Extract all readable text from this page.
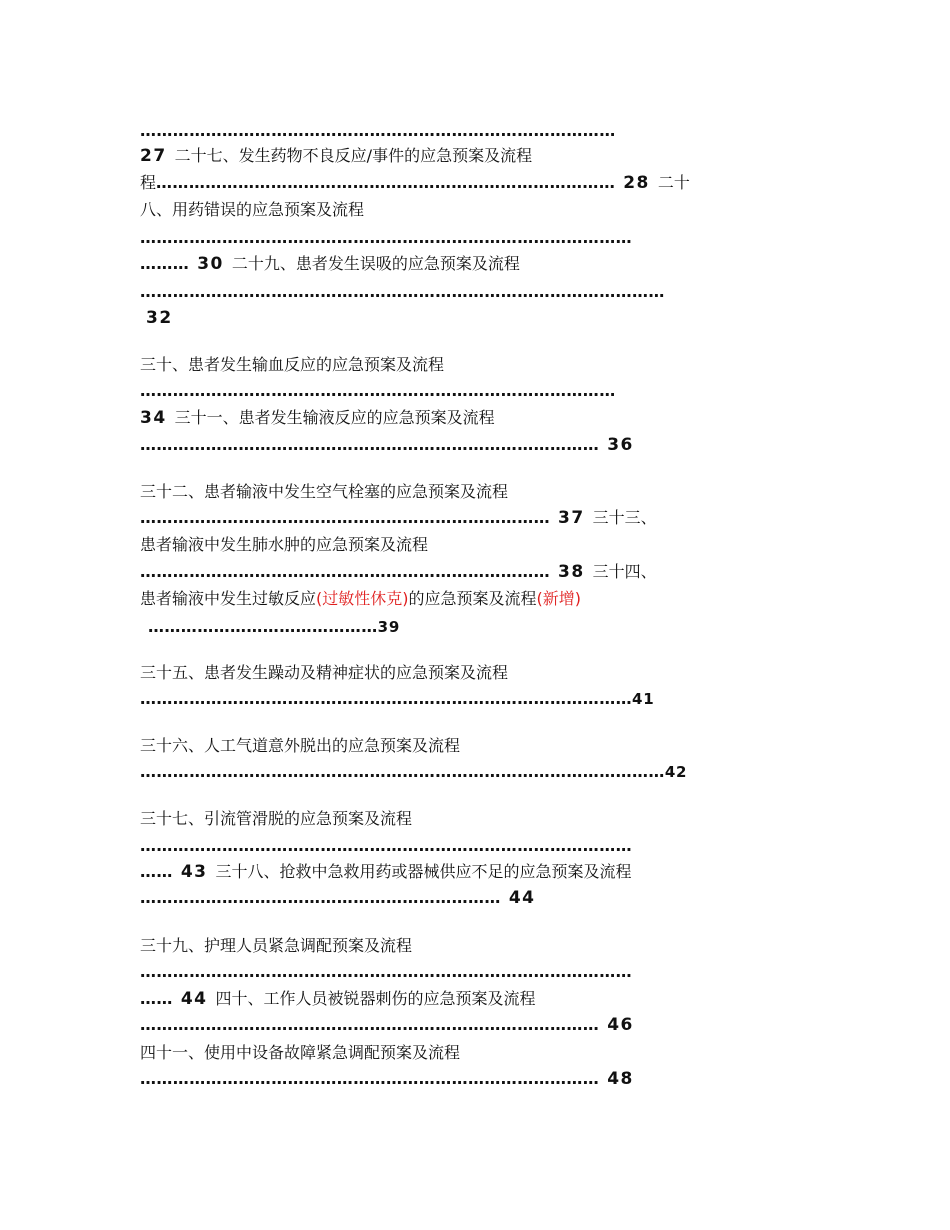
……………………………………………………………………………
27 二十七、发生药物不良反应/事件的应急预案及流程
程………………………………………………………………………… 28 二十
八、用药错误的应急预案及流程
………………………………………………………………………………
……… 30 二十九、患者发生误吸的应急预案及流程
……………………………………………………………………………………
32
三十、患者发生输血反应的应急预案及流程
……………………………………………………………………………
34 三十一、患者发生输液反应的应急预案及流程
………………………………………………………………………… 36
三十二、患者输液中发生空气栓塞的应急预案及流程
………………………………………………………………… 37 三十三、
患者输液中发生肺水肿的应急预案及流程
………………………………………………………………… 38 三十四、
患者输液中发生过敏反应(过敏性休克)的应急预案及流程(新增)
……………………………………39
三十五、患者发生躁动及精神症状的应急预案及流程
………………………………………………………………………………41
三十六、人工气道意外脱出的应急预案及流程
……………………………………………………………………………………42
三十七、引流管滑脱的应急预案及流程
………………………………………………………………………………
…… 43 三十八、抢救中急救用药或器械供应不足的应急预案及流程
………………………………………………………… 44
三十九、护理人员紧急调配预案及流程
………………………………………………………………………………
…… 44 四十、工作人员被锐器刺伤的应急预案及流程
………………………………………………………………………… 46
四十一、使用中设备故障紧急调配预案及流程
………………………………………………………………………… 48
